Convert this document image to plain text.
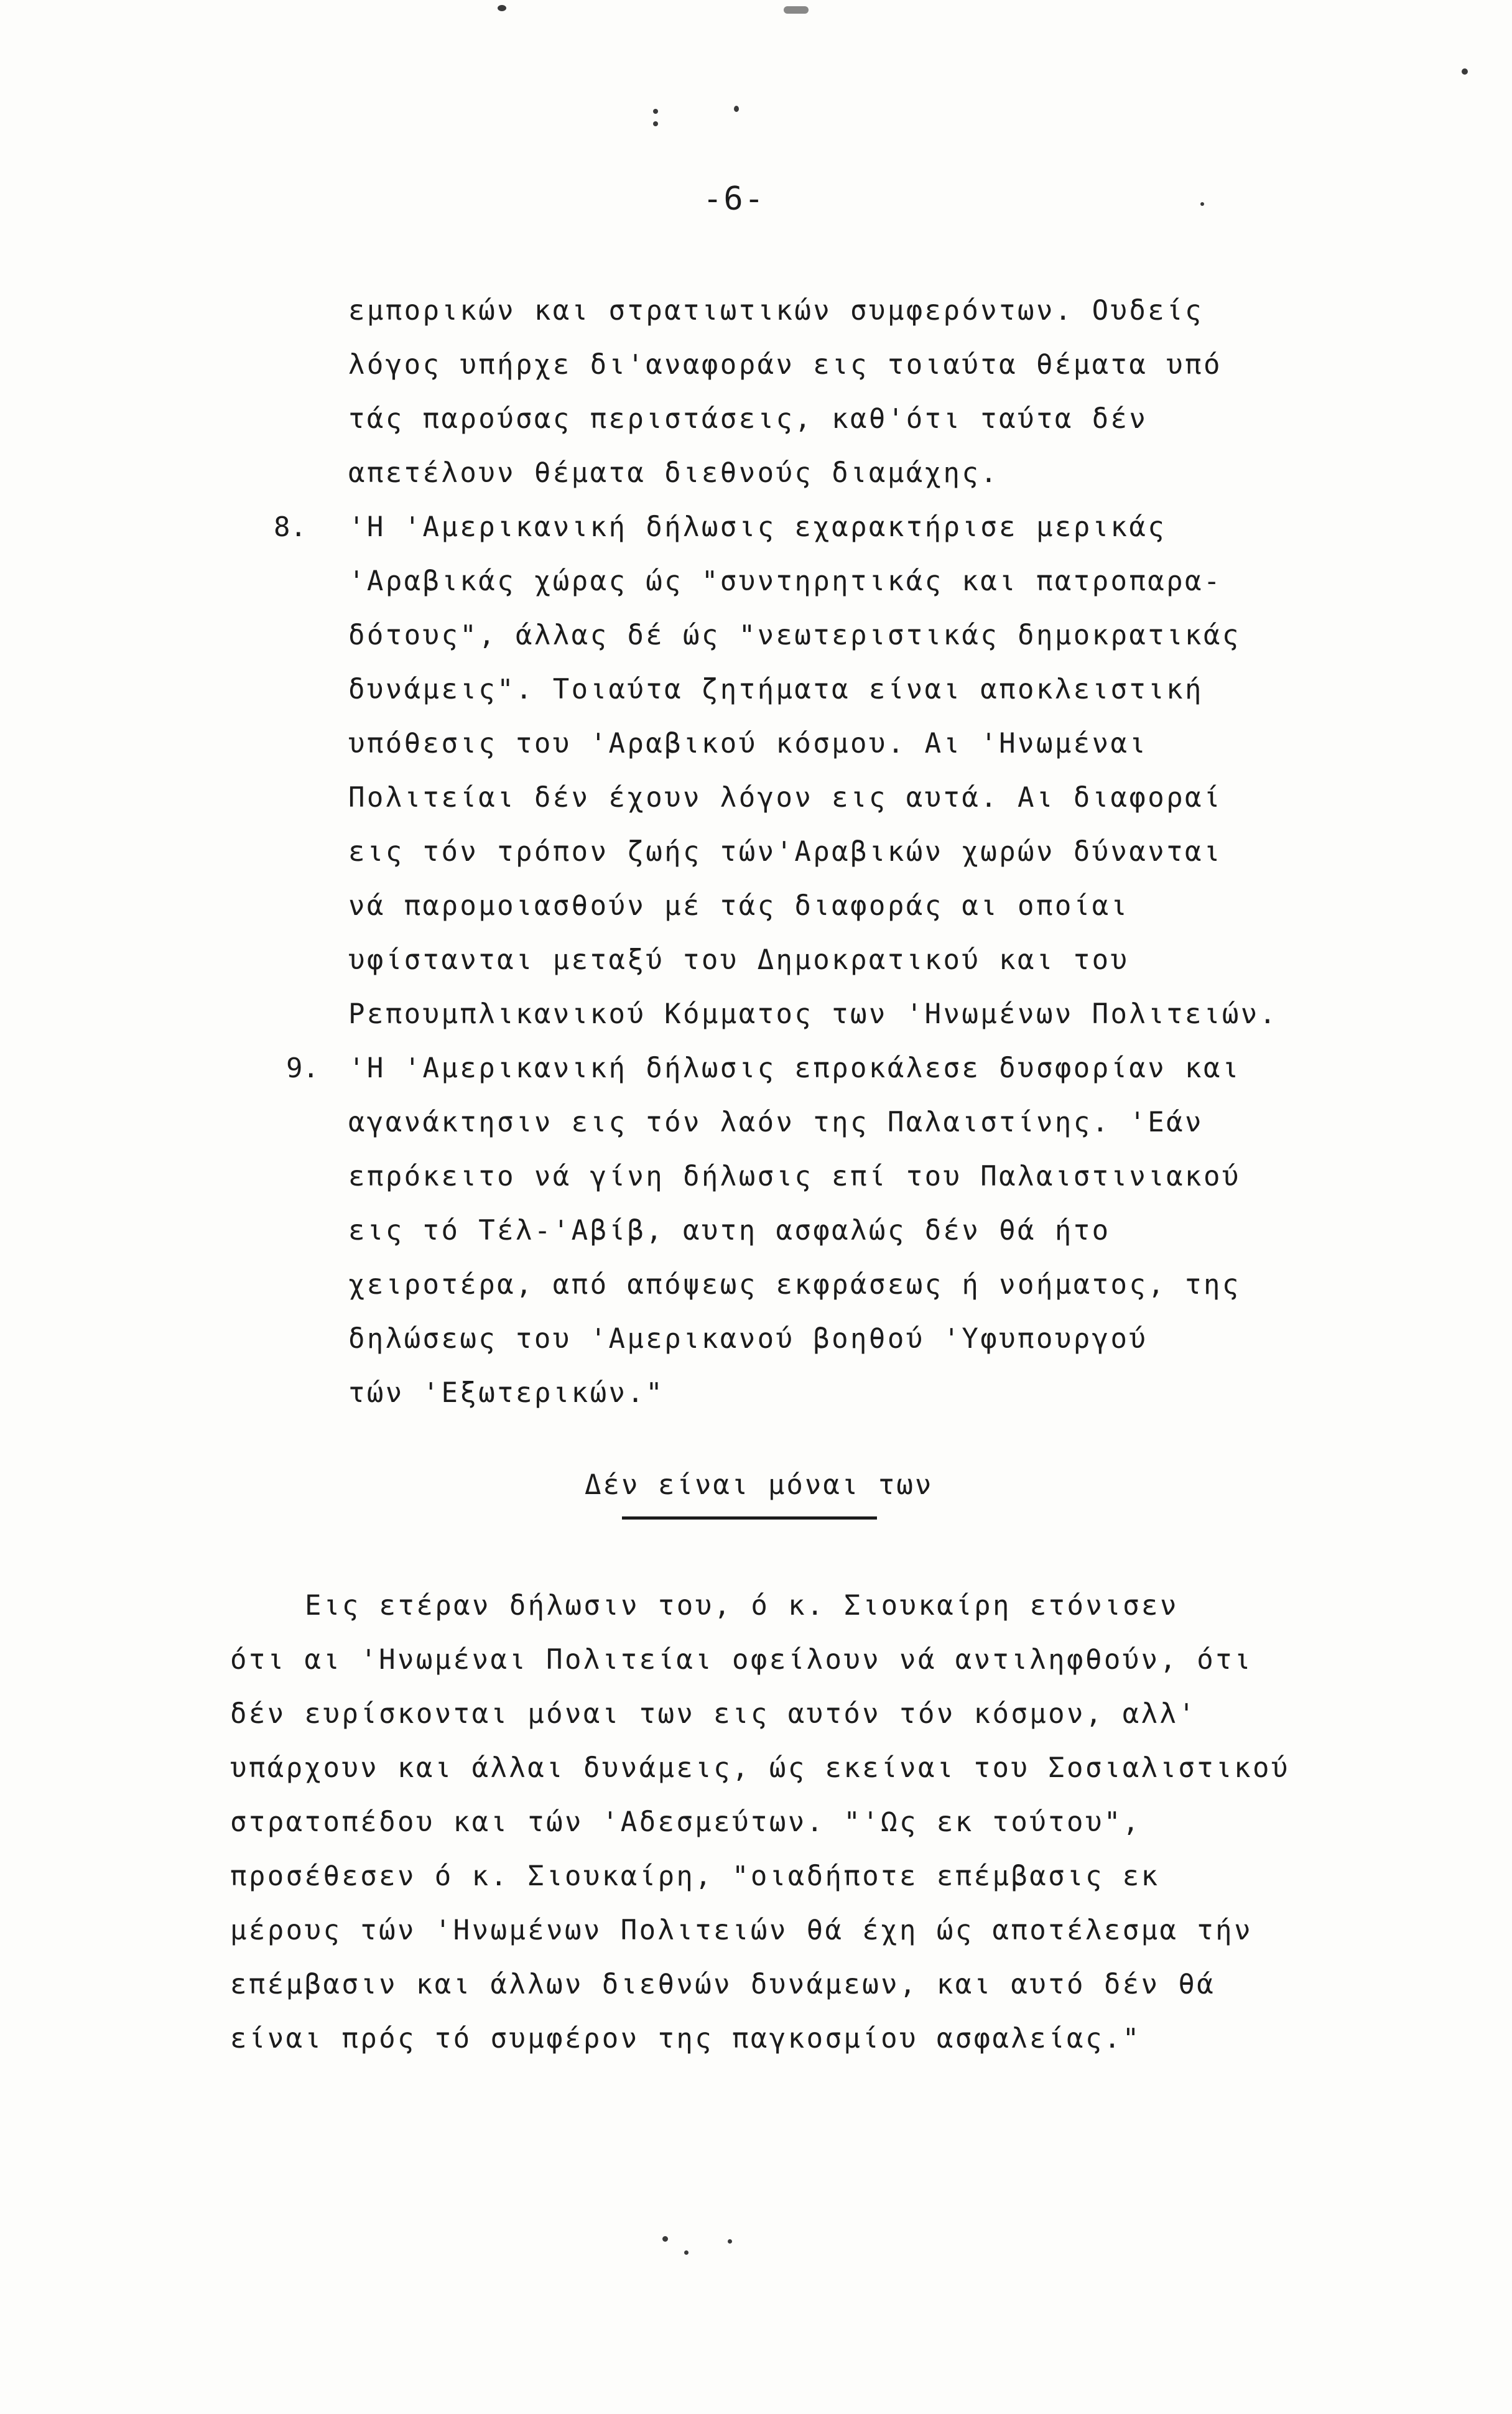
-6-
εμπορικών και στρατιωτικών συμφερόντων. Ουδείς
λόγος υπήρχε δι'αναφοράν εις τοιαύτα θέματα υπό
τάς παρούσας περιστάσεις, καθ'ότι ταύτα δέν
απετέλουν θέματα διεθνούς διαμάχης.
8. 'Η 'Αμερικανική δήλωσις εχαρακτήρισε μερικάς
'Αραβικάς χώρας ώς "συντηρητικάς και πατροπαρα-
δότους", άλλας δέ ώς "νεωτεριστικάς δημοκρατικάς
δυνάμεις". Τοιαύτα ζητήματα είναι αποκλειστική
υπόθεσις του 'Αραβικού κόσμου. Αι 'Ηνωμέναι
Πολιτείαι δέν έχουν λόγον εις αυτά. Αι διαφοραί
εις τόν τρόπον ζωής τών'Αραβικών χωρών δύνανται
νά παρομοιασθούν μέ τάς διαφοράς αι οποίαι
υφίστανται μεταξύ του Δημοκρατικού και του
Ρεπουμπλικανικού Κόμματος των 'Ηνωμένων Πολιτειών.
9. 'Η 'Αμερικανική δήλωσις επροκάλεσε δυσφορίαν και
αγανάκτησιν εις τόν λαόν της Παλαιστίνης. 'Εάν
επρόκειτο νά γίνη δήλωσις επί του Παλαιστινιακού
εις τό Τέλ-'Αβίβ, αυτη ασφαλώς δέν θά ήτο
χειροτέρα, από απόψεως εκφράσεως ή νοήματος, της
δηλώσεως του 'Αμερικανού βοηθού 'Υφυπουργού
τών 'Εξωτερικών."
Δέν είναι μόναι των
Εις ετέραν δήλωσιν του, ό κ. Σιουκαίρη ετόνισεν
ότι αι 'Ηνωμέναι Πολιτείαι οφείλουν νά αντιληφθούν, ότι
δέν ευρίσκονται μόναι των εις αυτόν τόν κόσμον, αλλ'
υπάρχουν και άλλαι δυνάμεις, ώς εκείναι του Σοσιαλιστικού
στρατοπέδου και τών 'Αδεσμεύτων. "'Ως εκ τούτου",
προσέθεσεν ό κ. Σιουκαίρη, "οιαδήποτε επέμβασις εκ
μέρους τών 'Ηνωμένων Πολιτειών θά έχη ώς αποτέλεσμα τήν
επέμβασιν και άλλων διεθνών δυνάμεων, και αυτό δέν θά
είναι πρός τό συμφέρον της παγκοσμίου ασφαλείας."
